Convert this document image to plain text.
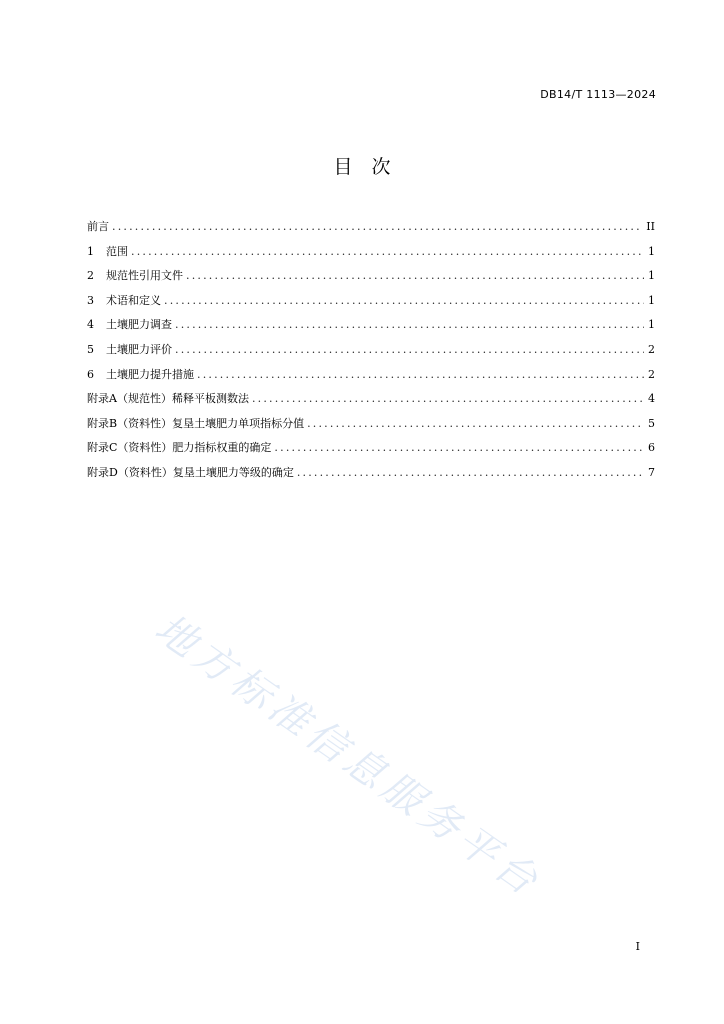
DB14/T 1113—2024
目　次
前言 .....	II
1 范围 .....	1
2 规范性引用文件 .....	1
3 术语和定义 .....	1
4 土壤肥力调查 .....	1
5 土壤肥力评价 .....	2
6 土壤肥力提升措施 .....	2
附录A（规范性）稀释平板测数法 .....	4
附录B（资料性）复垦土壤肥力单项指标分值 .....	5
附录C（资料性）肥力指标权重的确定 .....	6
附录D（资料性）复垦土壤肥力等级的确定 .....	7
地方标准信息服务平台
I
